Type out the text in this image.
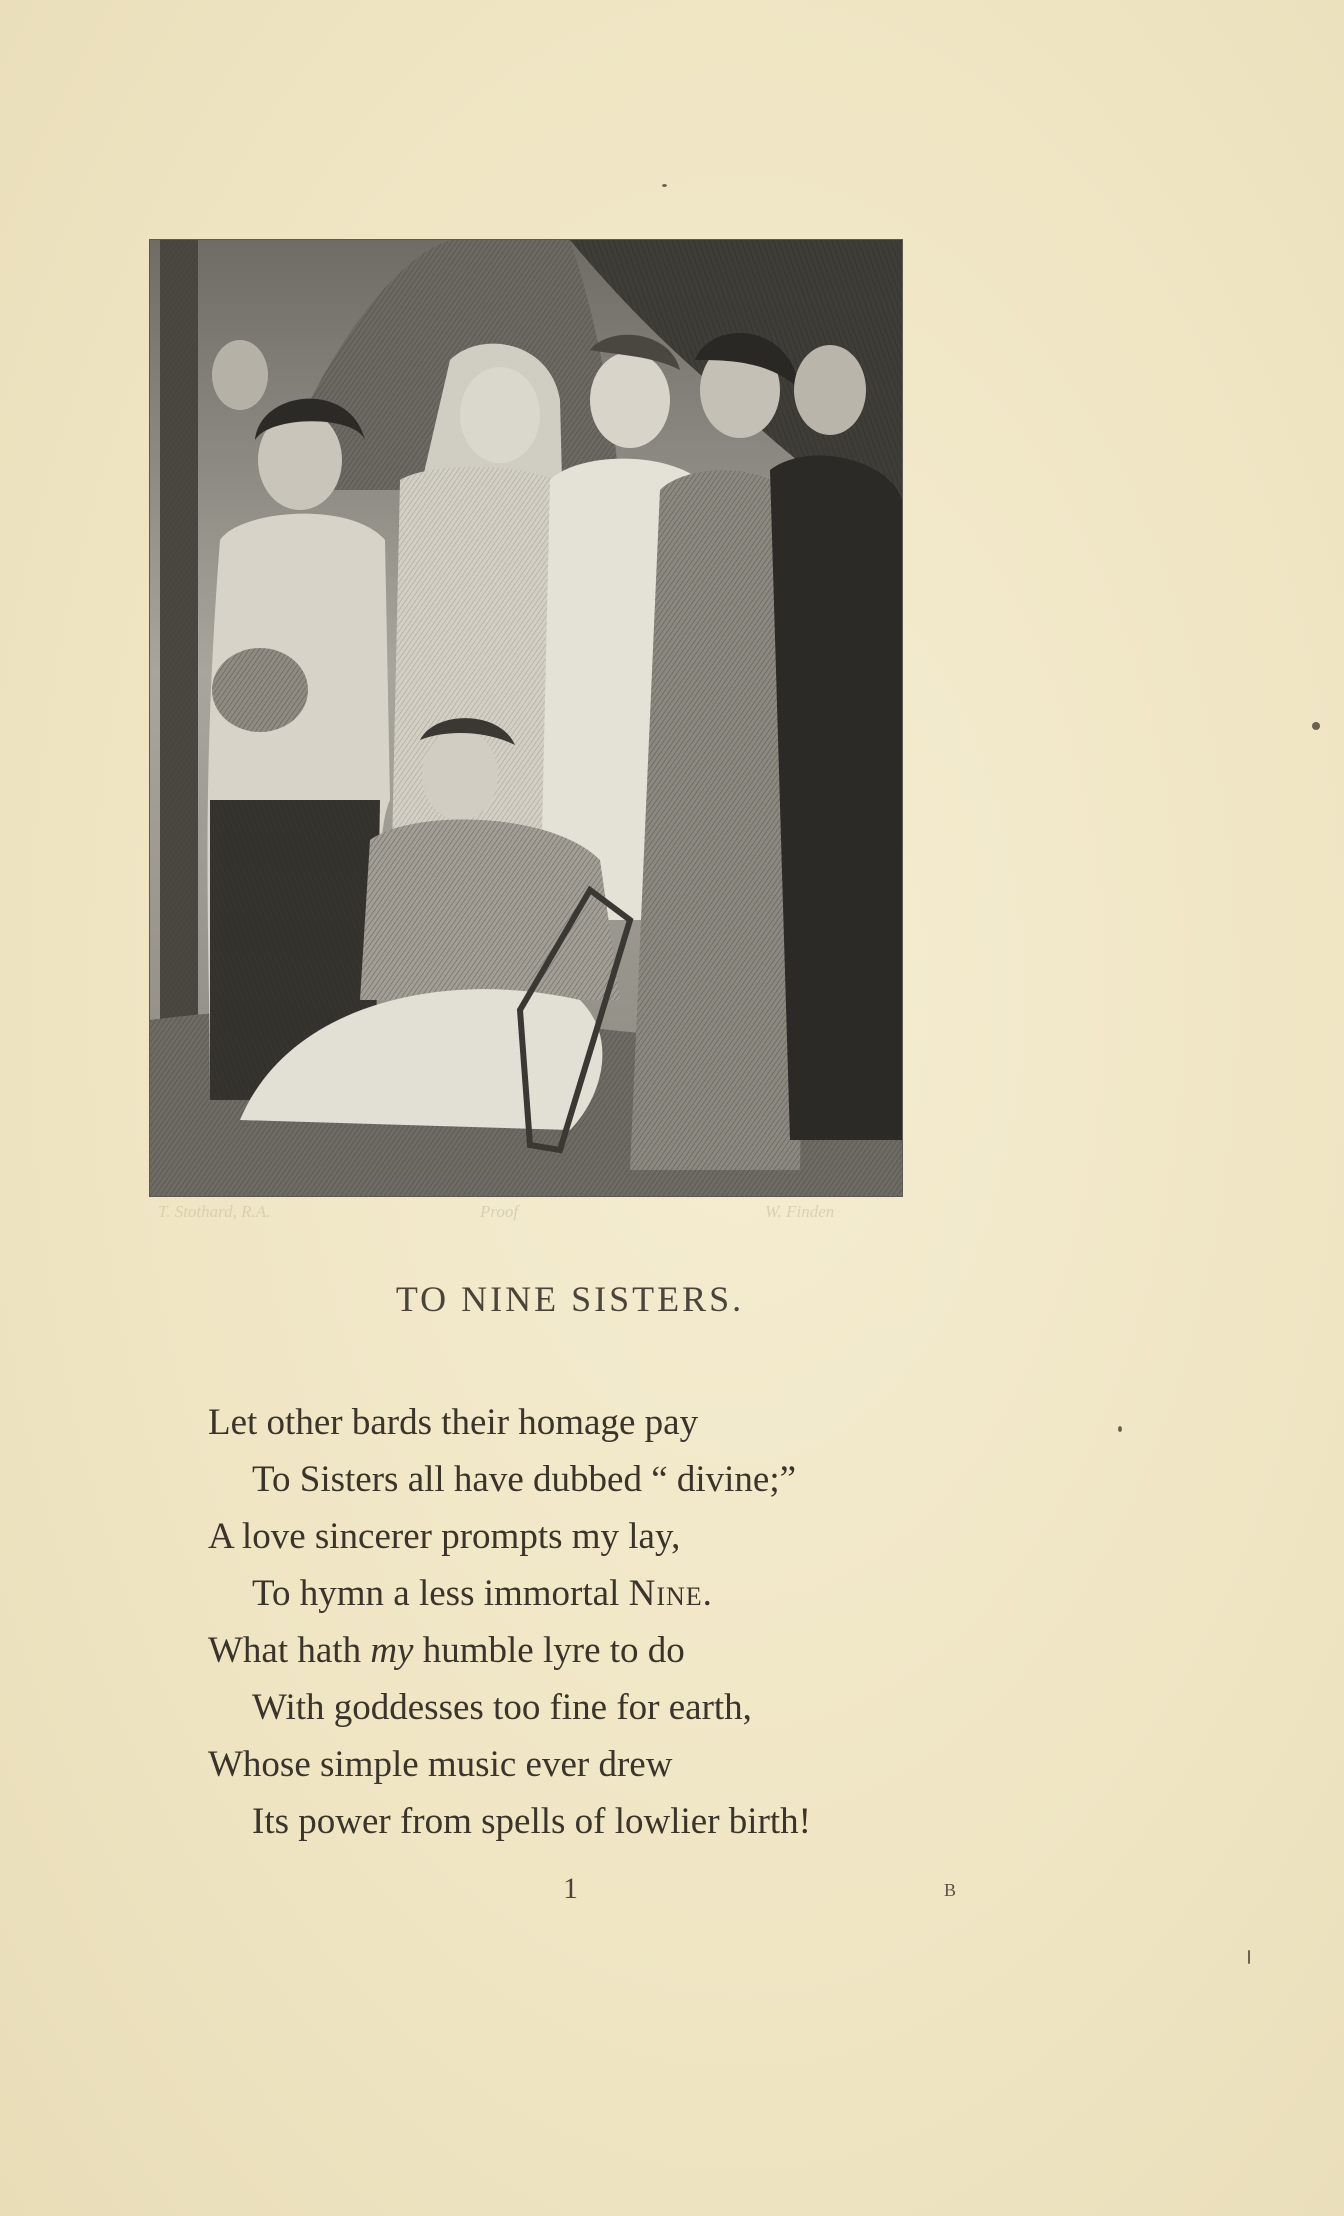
T. Stothard, R.A.	Proof	W. Finden
TO NINE SISTERS.
Let other bards their homage pay
To Sisters all have dubbed “ divine;”
A love sincerer prompts my lay,
To hymn a less immortal Nine.
What hath my humble lyre to do
With goddesses too fine for earth,
Whose simple music ever drew
Its power from spells of lowlier birth!
1	B
